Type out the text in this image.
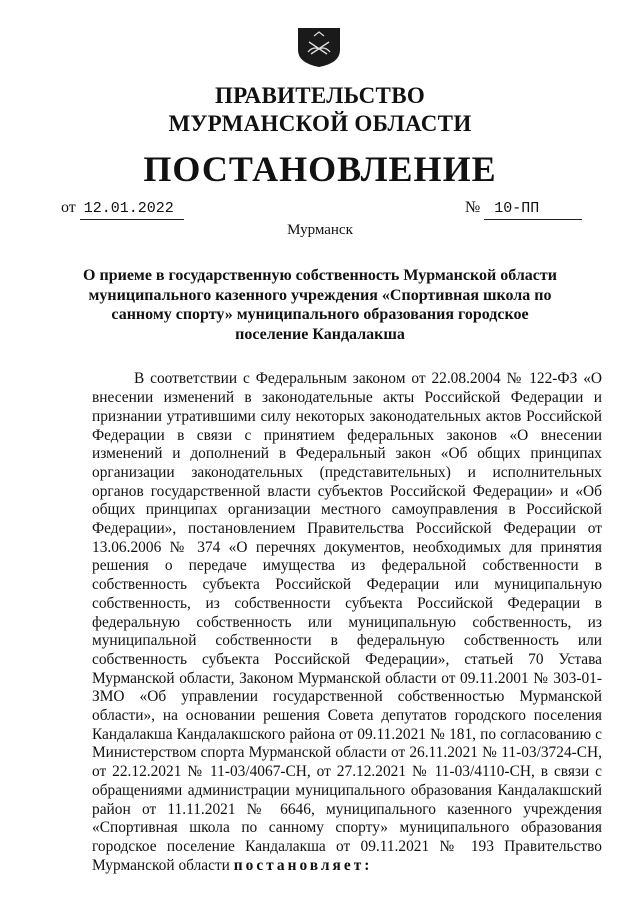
ПРАВИТЕЛЬСТВО
МУРМАНСКОЙ ОБЛАСТИ
ПОСТАНОВЛЕНИЕ
от 12.01.2022	№ 10-ПП
Мурманск
О приеме в государственную собственность Мурманской области муниципального казенного учреждения «Спортивная школа по санному спорту» муниципального образования городское поселение Кандалакша

В соответствии с Федеральным законом от 22.08.2004 № 122-ФЗ «О внесении изменений в законодательные акты Российской Федерации и признании утратившими силу некоторых законодательных актов Российской Федерации в связи с принятием федеральных законов «О внесении изменений и дополнений в Федеральный закон «Об общих принципах организации законодательных (представительных) и исполнительных органов государственной власти субъектов Российской Федерации» и «Об общих принципах организации местного самоуправления в Российской Федерации», постановлением Правительства Российской Федерации от 13.06.2006 № 374 «О перечнях документов, необходимых для принятия решения о передаче имущества из федеральной собственности в собственность субъекта Российской Федерации или муниципальную собственность, из собственности субъекта Российской Федерации в федеральную собственность или муниципальную собственность, из муниципальной собственности в федеральную собственность или собственность субъекта Российской Федерации», статьей 70 Устава Мурманской области, Законом Мурманской области от 09.11.2001 № 303-01-ЗМО «Об управлении государственной собственностью Мурманской области», на основании решения Совета депутатов городского поселения Кандалакша Кандалакшского района от 09.11.2021 № 181, по согласованию с Министерством спорта Мурманской области от 26.11.2021 № 11-03/3724-СН, от 22.12.2021 № 11-03/4067-СН, от 27.12.2021 № 11-03/4110-СН, в связи с обращениями администрации муниципального образования Кандалакшский район от 11.11.2021 № 6646, муниципального казенного учреждения «Спортивная школа по санному спорту» муниципального образования городское поселение Кандалакша от 09.11.2021 № 193 Правительство Мурманской области постановляет:
